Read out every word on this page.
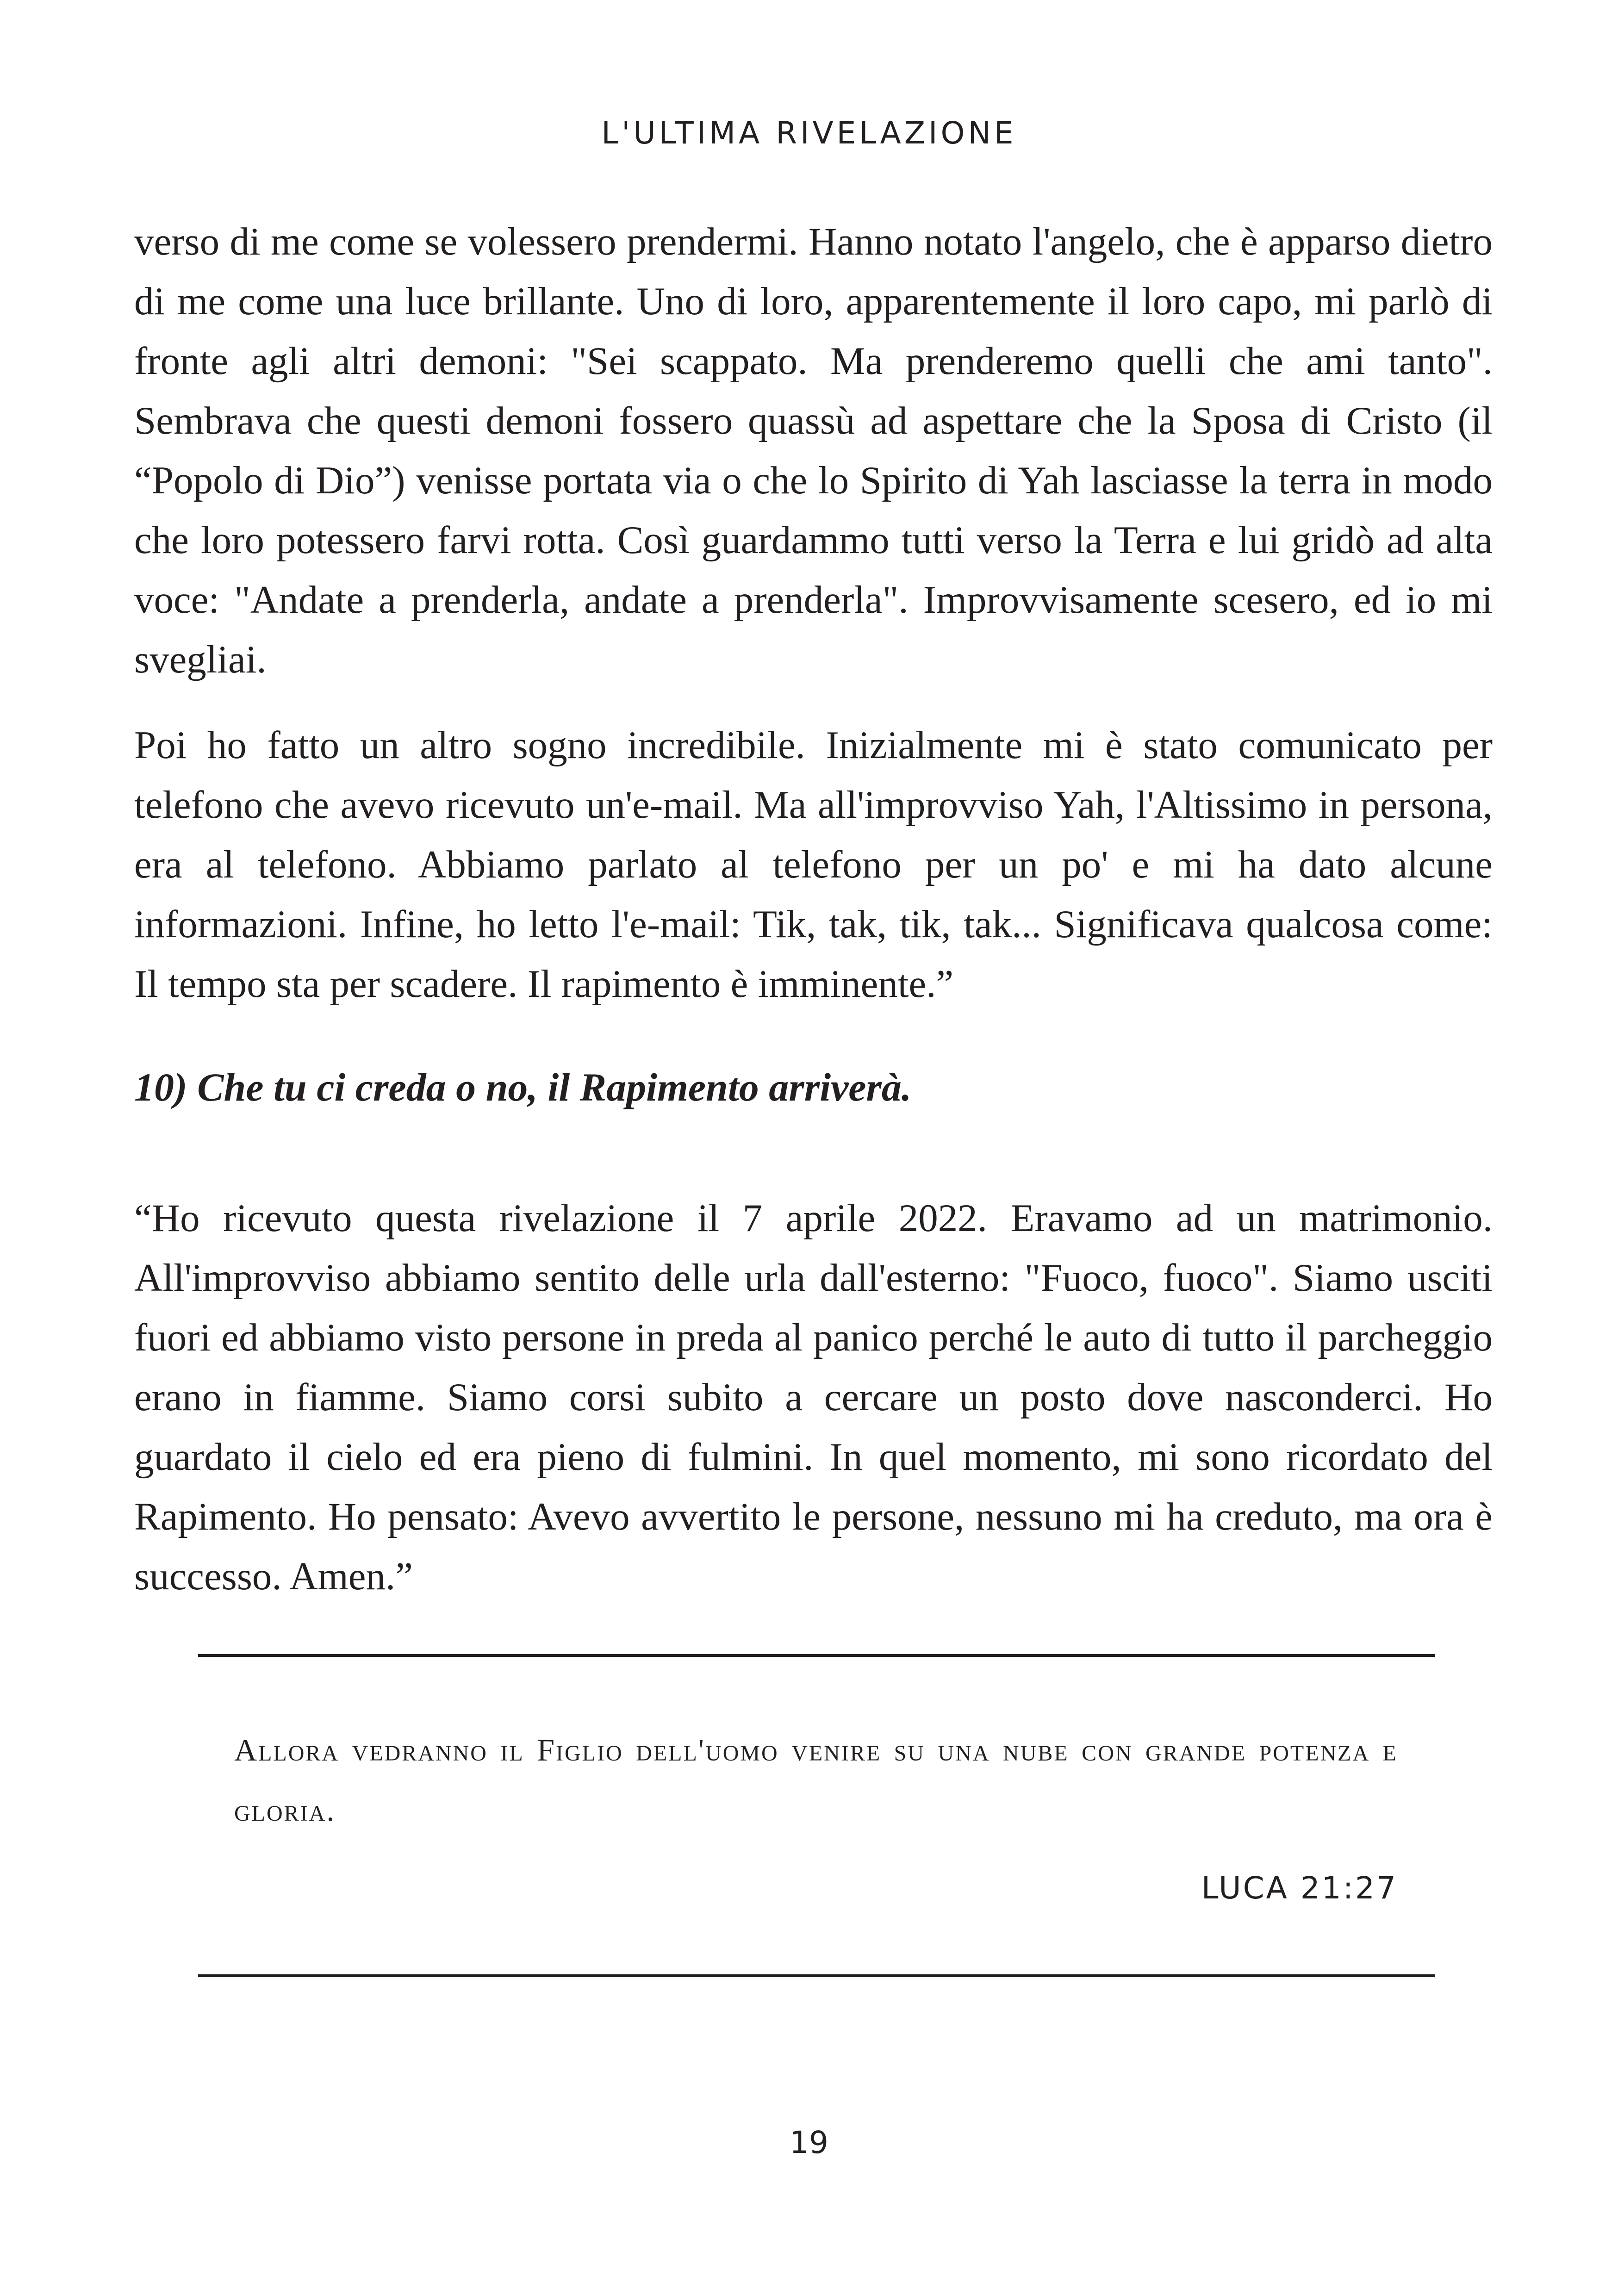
L'ULTIMA RIVELAZIONE

verso di me come se volessero prendermi. Hanno notato l'angelo, che è apparso dietro di me come una luce brillante. Uno di loro, apparentemente il loro capo, mi parlò di fronte agli altri demoni: "Sei scappato. Ma prenderemo quelli che ami tanto". Sembrava che questi demoni fossero quassù ad aspettare che la Sposa di Cristo (il “Popolo di Dio”) venisse portata via o che lo Spirito di Yah lasciasse la terra in modo che loro potessero farvi rotta. Così guardammo tutti verso la Terra e lui gridò ad alta voce: "Andate a prenderla, andate a prenderla". Improvvisamente scesero, ed io mi svegliai.

Poi ho fatto un altro sogno incredibile. Inizialmente mi è stato comunicato per telefono che avevo ricevuto un'e-mail. Ma all'improvviso Yah, l'Altissimo in persona, era al telefono. Abbiamo parlato al telefono per un po' e mi ha dato alcune informazioni. Infine, ho letto l'e-mail: Tik, tak, tik, tak... Significava qualcosa come: Il tempo sta per scadere. Il rapimento è imminente.”

10) Che tu ci creda o no, il Rapimento arriverà.

“Ho ricevuto questa rivelazione il 7 aprile 2022. Eravamo ad un matrimonio. All'improvviso abbiamo sentito delle urla dall'esterno: "Fuoco, fuoco". Siamo usciti fuori ed abbiamo visto persone in preda al panico perché le auto di tutto il parcheggio erano in fiamme. Siamo corsi subito a cercare un posto dove nasconderci. Ho guardato il cielo ed era pieno di fulmini. In quel momento, mi sono ricordato del Rapimento. Ho pensato: Avevo avvertito le persone, nessuno mi ha creduto, ma ora è successo. Amen.”

Allora vedranno il Figlio dell'uomo venire su una nube con grande potenza e gloria.

LUCA 21:27
19
